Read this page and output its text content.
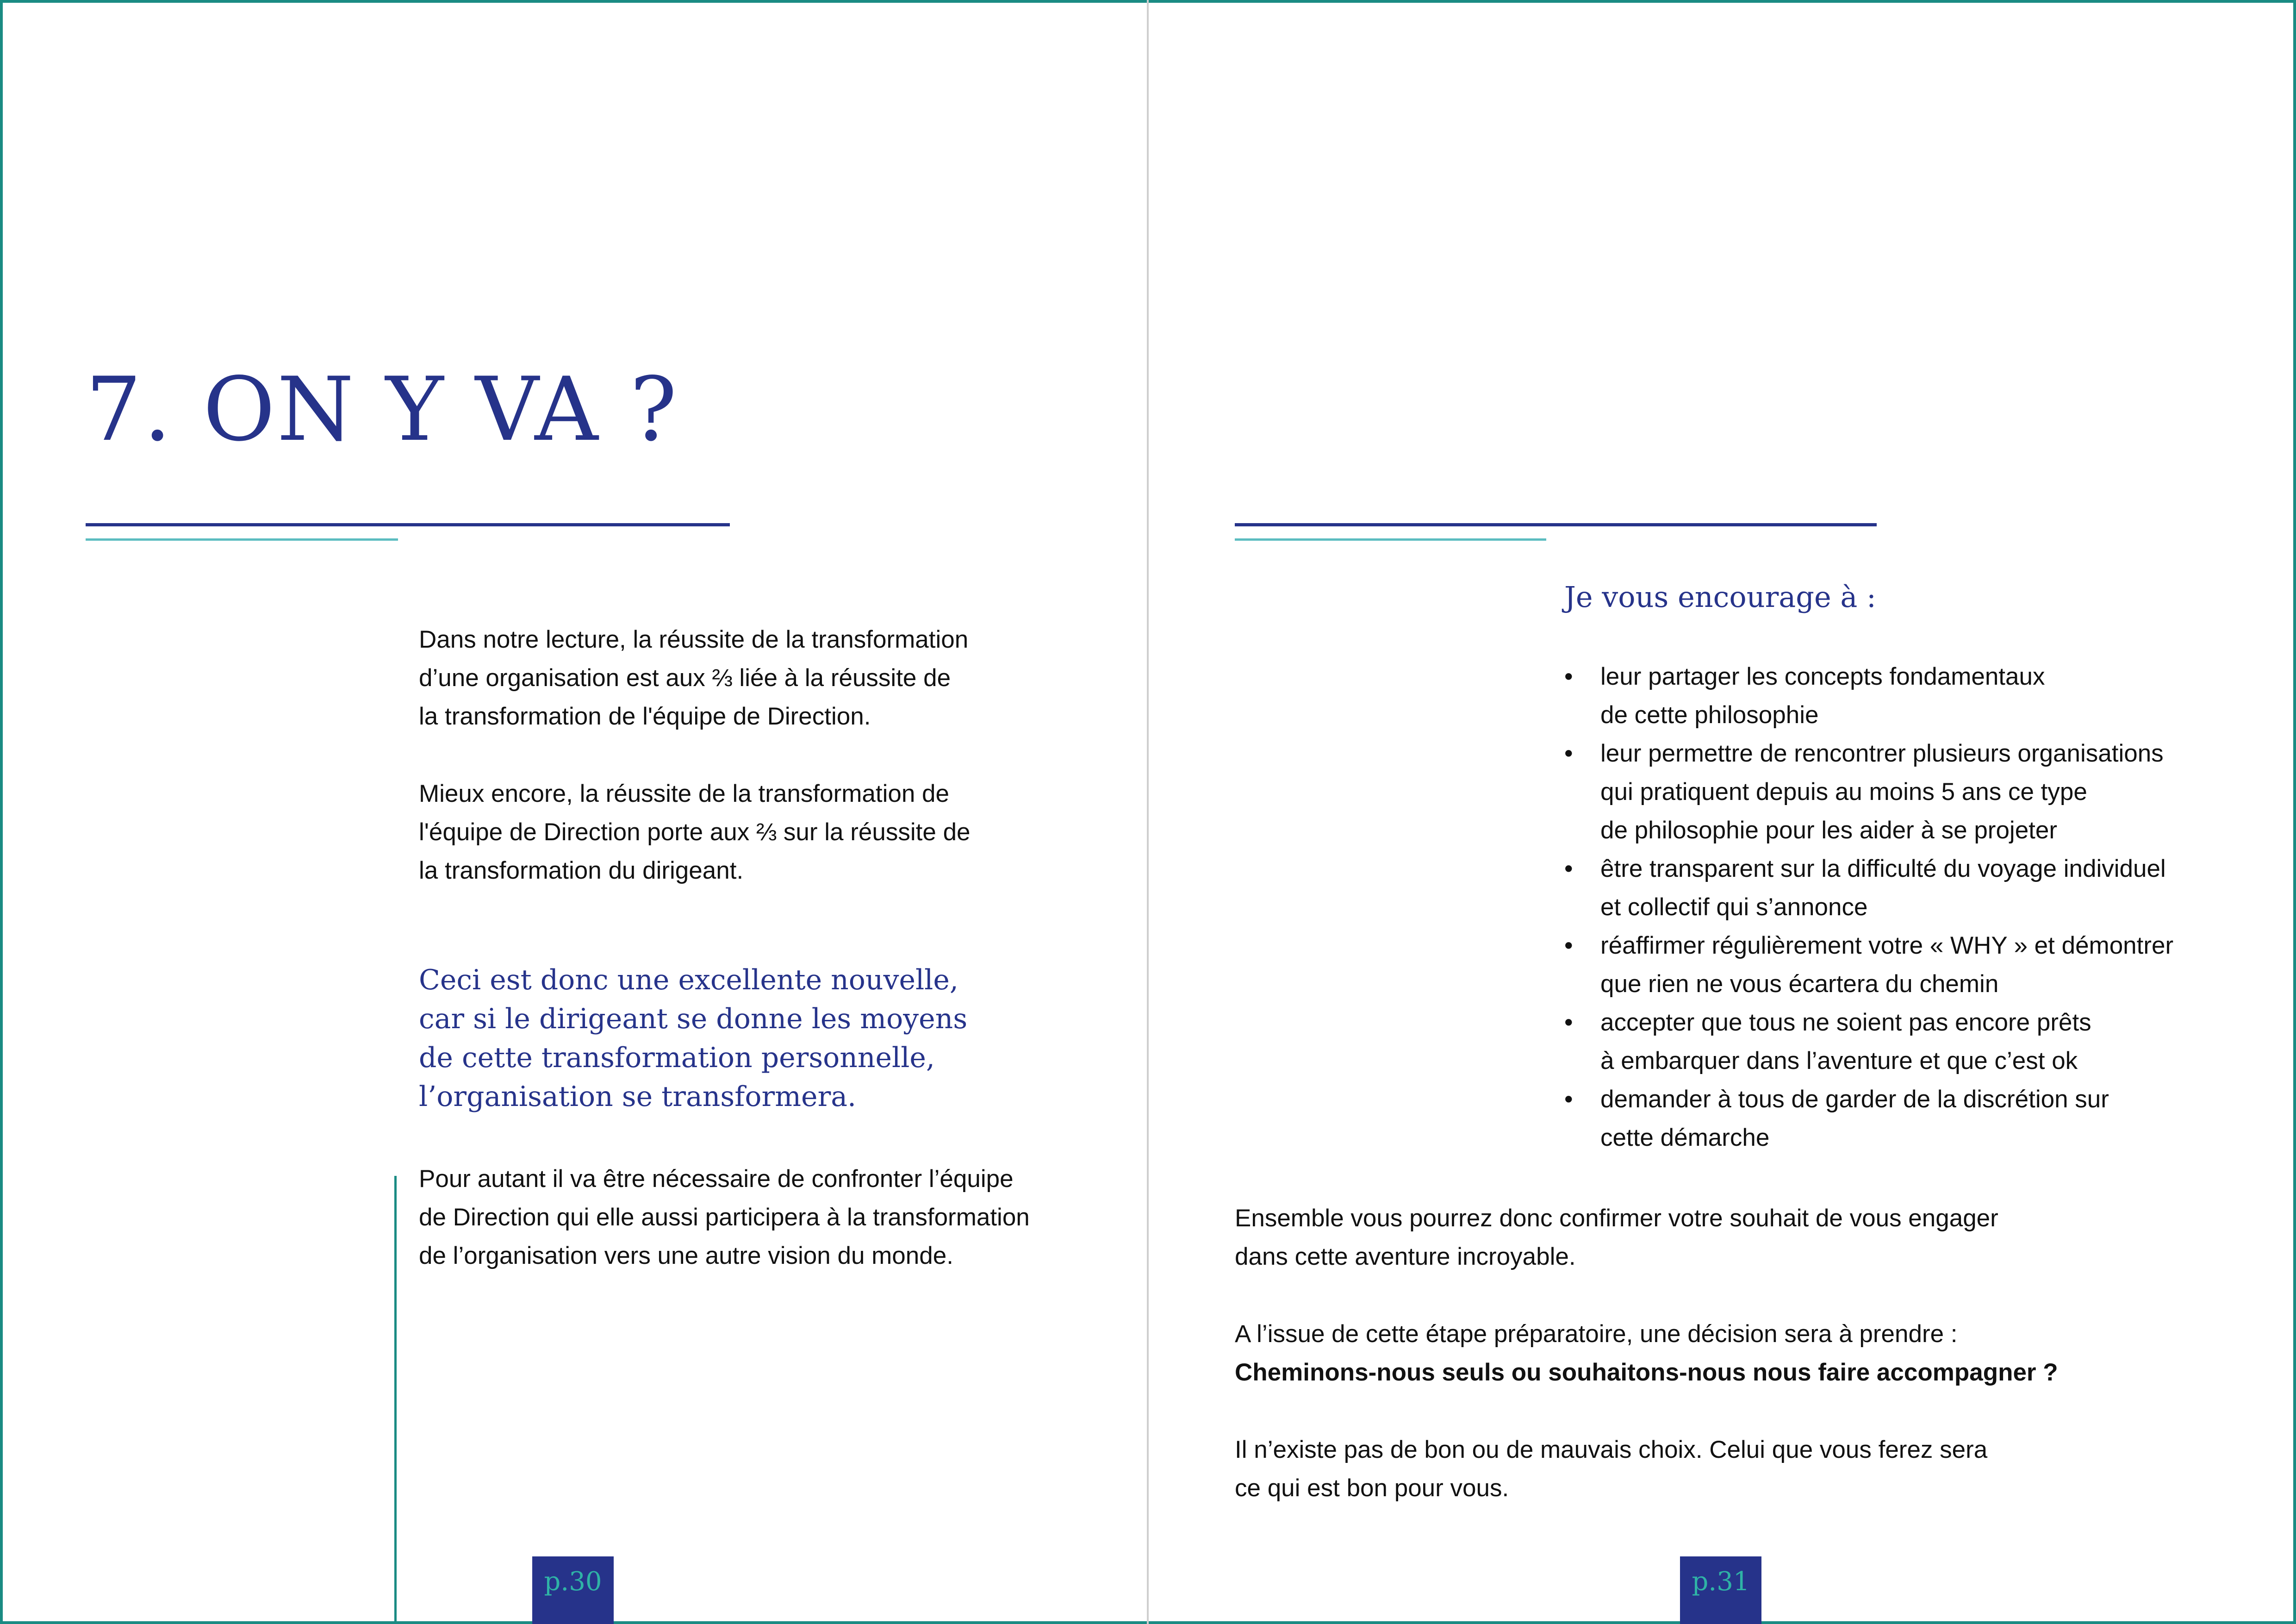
7. ON Y VA ?

Dans notre lecture, la réussite de la transformation
d’une organisation est aux ⅔ liée à la réussite de
la transformation de l'équipe de Direction.

Mieux encore, la réussite de la transformation de
l'équipe de Direction porte aux ⅔ sur la réussite de
la transformation du dirigeant.

Ceci est donc une excellente nouvelle,
car si le dirigeant se donne les moyens
de cette transformation personnelle,
l’organisation se transformera.

Pour autant il va être nécessaire de confronter l’équipe
de Direction qui elle aussi participera à la transformation
de l’organisation vers une autre vision du monde.

p.30

Je vous encourage à :

• leur partager les concepts fondamentaux
de cette philosophie
• leur permettre de rencontrer plusieurs organisations
qui pratiquent depuis au moins 5 ans ce type
de philosophie pour les aider à se projeter
• être transparent sur la difficulté du voyage individuel
et collectif qui s’annonce
• réaffirmer régulièrement votre « WHY » et démontrer
que rien ne vous écartera du chemin
• accepter que tous ne soient pas encore prêts
à embarquer dans l’aventure et que c’est ok
• demander à tous de garder de la discrétion sur
cette démarche

Ensemble vous pourrez donc confirmer votre souhait de vous engager
dans cette aventure incroyable.

A l’issue de cette étape préparatoire, une décision sera à prendre :

Cheminons-nous seuls ou souhaitons-nous nous faire accompagner ?

Il n’existe pas de bon ou de mauvais choix. Celui que vous ferez sera
ce qui est bon pour vous.

p.31
